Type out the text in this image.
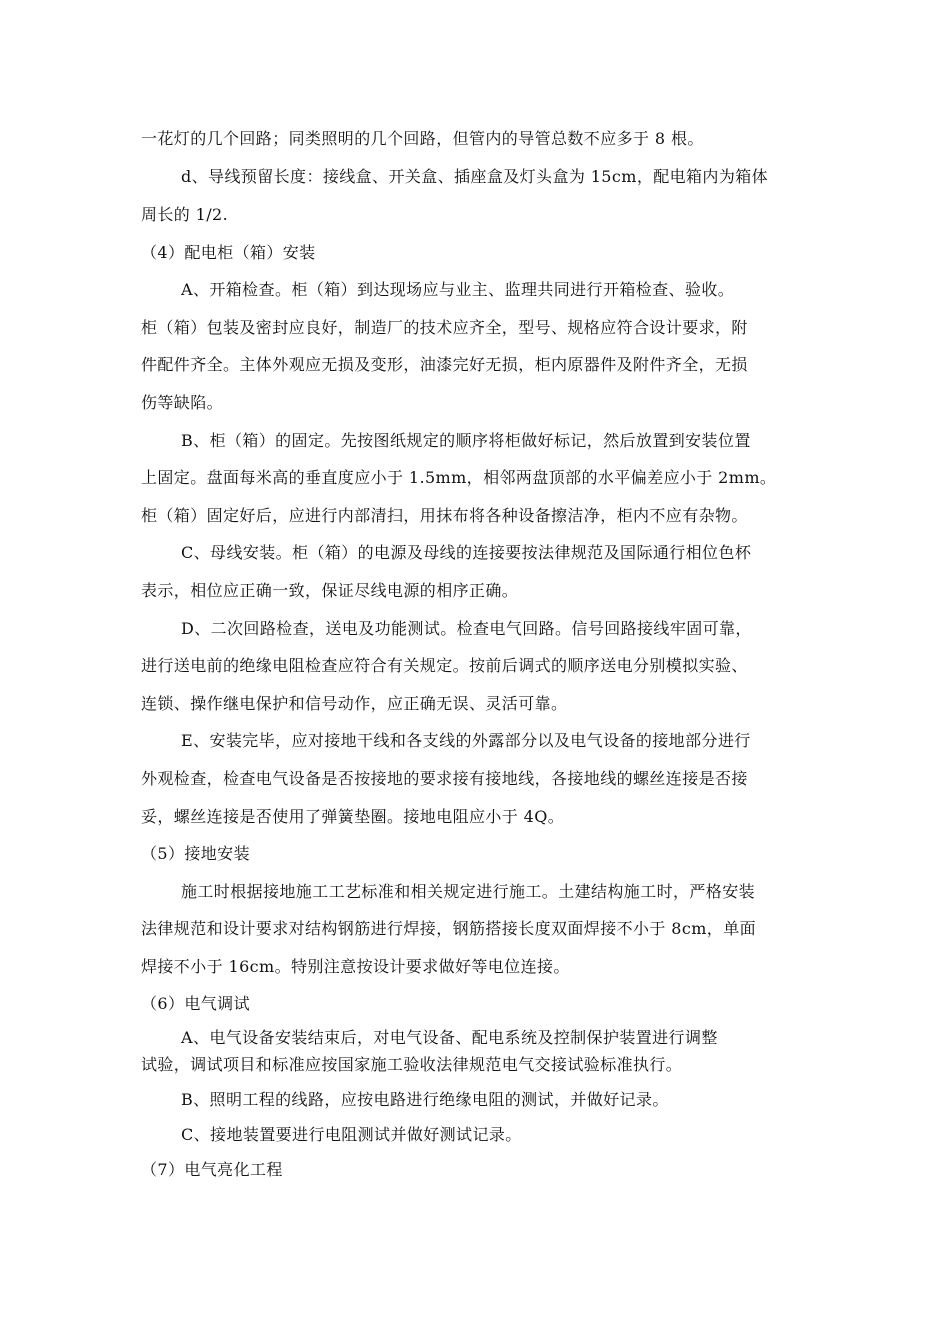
一花灯的几个回路；同类照明的几个回路，但管内的导管总数不应多于 8 根。
d、导线预留长度：接线盒、开关盒、插座盒及灯头盒为 15cm，配电箱内为箱体
周长的 1/2.
（4）配电柜（箱）安装
A、开箱检查。柜（箱）到达现场应与业主、监理共同进行开箱检查、验收。
柜（箱）包装及密封应良好，制造厂的技术应齐全，型号、规格应符合设计要求，附
件配件齐全。主体外观应无损及变形，油漆完好无损，柜内原器件及附件齐全，无损
伤等缺陷。
B、柜（箱）的固定。先按图纸规定的顺序将柜做好标记，然后放置到安装位置
上固定。盘面每米高的垂直度应小于 1.5mm，相邻两盘顶部的水平偏差应小于 2mm。
柜（箱）固定好后，应进行内部清扫，用抹布将各种设备擦洁净，柜内不应有杂物。
C、母线安装。柜（箱）的电源及母线的连接要按法律规范及国际通行相位色杯
表示，相位应正确一致，保证尽线电源的相序正确。
D、二次回路检查，送电及功能测试。检查电气回路。信号回路接线牢固可靠，
进行送电前的绝缘电阻检查应符合有关规定。按前后调式的顺序送电分别模拟实验、
连锁、操作继电保护和信号动作，应正确无误、灵活可靠。
E、安装完毕，应对接地干线和各支线的外露部分以及电气设备的接地部分进行
外观检查，检查电气设备是否按接地的要求接有接地线，各接地线的螺丝连接是否接
妥，螺丝连接是否使用了弹簧垫圈。接地电阻应小于 4Q。
（5）接地安装
施工时根据接地施工工艺标准和相关规定进行施工。土建结构施工时，严格安装
法律规范和设计要求对结构钢筋进行焊接，钢筋搭接长度双面焊接不小于 8cm，单面
焊接不小于 16cm。特别注意按设计要求做好等电位连接。
（6）电气调试
A、电气设备安装结束后，对电气设备、配电系统及控制保护装置进行调整
试验，调试项目和标准应按国家施工验收法律规范电气交接试验标准执行。
B、照明工程的线路，应按电路进行绝缘电阻的测试，并做好记录。
C、接地装置要进行电阻测试并做好测试记录。
（7）电气亮化工程
